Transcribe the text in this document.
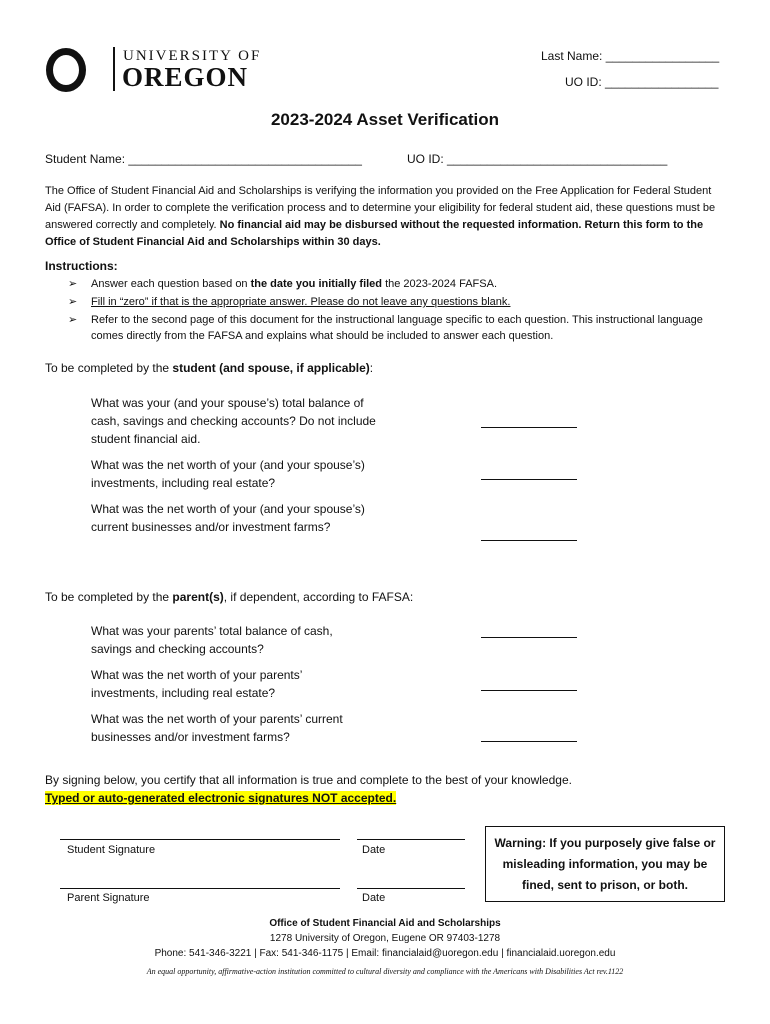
UNIVERSITY OF
OREGON
Last Name: _________________
UO ID: _________________
2023-2024 Asset Verification
Student Name: ___________________________________	UO ID: _________________________________
The Office of Student Financial Aid and Scholarships is verifying the information you provided on the Free Application for Federal Student Aid (FAFSA). In order to complete the verification process and to determine your eligibility for federal student aid, these questions must be answered correctly and completely. No financial aid may be disbursed without the requested information. Return this form to the Office of Student Financial Aid and Scholarships within 30 days.
Instructions:
➢ Answer each question based on the date you initially filed the 2023-2024 FAFSA.
➢ Fill in “zero” if that is the appropriate answer. Please do not leave any questions blank.
➢ Refer to the second page of this document for the instructional language specific to each question. This instructional language comes directly from the FAFSA and explains what should be included to answer each question.
To be completed by the student (and spouse, if applicable):
What was your (and your spouse’s) total balance of cash, savings and checking accounts? Do not include student financial aid.
What was the net worth of your (and your spouse’s) investments, including real estate?
What was the net worth of your (and your spouse’s) current businesses and/or investment farms?
To be completed by the parent(s), if dependent, according to FAFSA:
What was your parents’ total balance of cash, savings and checking accounts?
What was the net worth of your parents’ investments, including real estate?
What was the net worth of your parents’ current businesses and/or investment farms?
By signing below, you certify that all information is true and complete to the best of your knowledge.
Typed or auto-generated electronic signatures NOT accepted.
Student Signature	Date
Parent Signature	Date
Warning: If you purposely give false or misleading information, you may be fined, sent to prison, or both.
Office of Student Financial Aid and Scholarships
1278 University of Oregon, Eugene OR 97403-1278
Phone: 541-346-3221 | Fax: 541-346-1175 | Email: financialaid@uoregon.edu | financialaid.uoregon.edu
An equal opportunity, affirmative-action institution committed to cultural diversity and compliance with the Americans with Disabilities Act rev.1122
